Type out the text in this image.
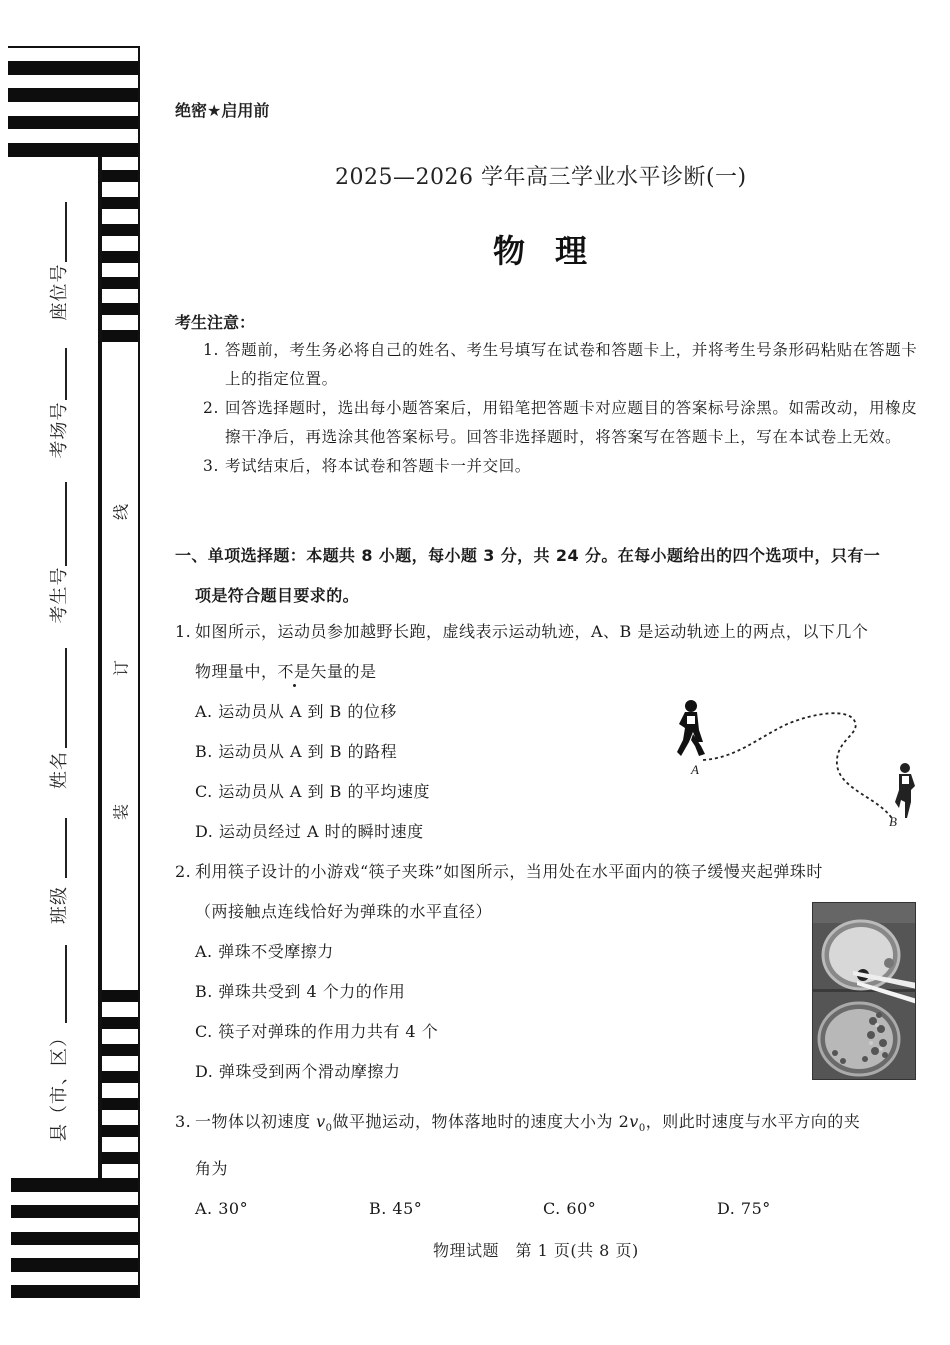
座位号
考场号
考生号
姓名
班级
县（市、区）
线
订
装
绝密★启用前
2025—2026 学年高三学业水平诊断(一)
物理
考生注意：
1. 答题前，考生务必将自己的姓名、考生号填写在试卷和答题卡上，并将考生号条形码粘贴在答题卡上的指定位置。
2. 回答选择题时，选出每小题答案后，用铅笔把答题卡对应题目的答案标号涂黑。如需改动，用橡皮擦干净后，再选涂其他答案标号。回答非选择题时，将答案写在答题卡上，写在本试卷上无效。
3. 考试结束后，将本试卷和答题卡一并交回。
一、单项选择题：本题共 8 小题，每小题 3 分，共 24 分。在每小题给出的四个选项中，只有一
项是符合题目要求的。
1. 如图所示，运动员参加越野长跑，虚线表示运动轨迹，A、B 是运动轨迹上的两点，以下几个
物理量中，不是矢量的是
A. 运动员从 A 到 B 的位移
B. 运动员从 A 到 B 的路程
C. 运动员从 A 到 B 的平均速度
D. 运动员经过 A 时的瞬时速度
2. 利用筷子设计的小游戏“筷子夹珠”如图所示，当用处在水平面内的筷子缓慢夹起弹珠时
（两接触点连线恰好为弹珠的水平直径）
A. 弹珠不受摩擦力
B. 弹珠共受到 4 个力的作用
C. 筷子对弹珠的作用力共有 4 个
D. 弹珠受到两个滑动摩擦力
3. 一物体以初速度 $v_0$做平抛运动，物体落地时的速度大小为 $2v_0$，则此时速度与水平方向的夹
角为
A. 30°	B. 45°	C. 60°	D. 75°
物理试题　第 1 页(共 8 页)
A
B
